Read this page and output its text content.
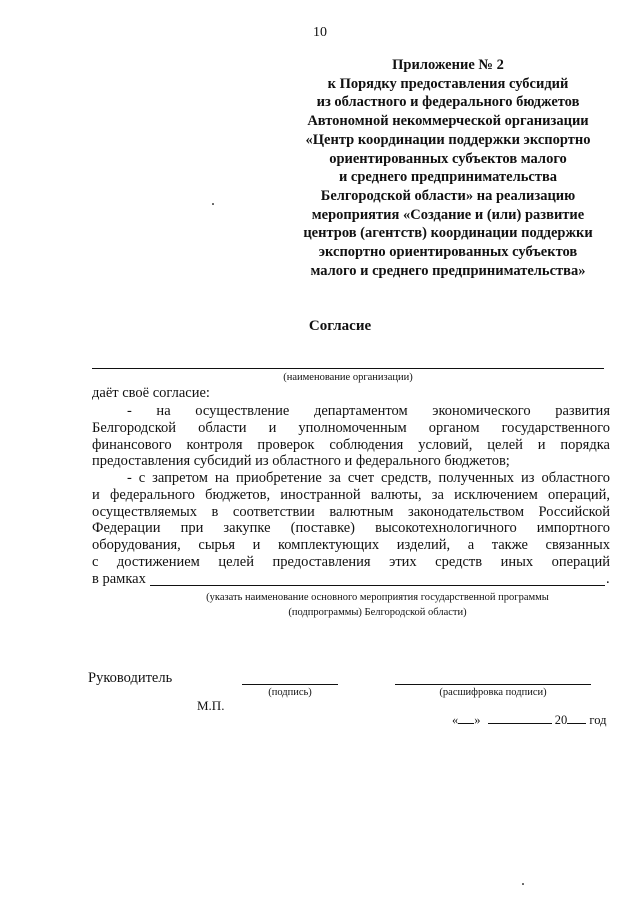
10
Приложение № 2
к Порядку предоставления субсидий
из областного и федерального бюджетов
Автономной некоммерческой организации
«Центр координации поддержки экспортно
ориентированных субъектов малого
и среднего предпринимательства
Белгородской области» на реализацию
мероприятия «Создание и (или) развитие
центров (агентств) координации поддержки
экспортно ориентированных субъектов
малого и среднего предпринимательства»
Согласие
(наименование организации)
даёт своё согласие:
- на осуществление департаментом экономического развития
Белгородской области и уполномоченным органом государственного
финансового контроля проверок соблюдения условий, целей и порядка
предоставления субсидий из областного и федерального бюджетов;
- с запретом на приобретение за счет средств, полученных из областного
и федерального бюджетов, иностранной валюты, за исключением операций,
осуществляемых в соответствии валютным законодательством Российской
Федерации при закупке (поставке) высокотехнологичного импортного
оборудования, сырья и комплектующих изделий, а также связанных
с достижением целей предоставления этих средств иных операций
в рамках	.
(указать наименование основного мероприятия государственной программы
(подпрограммы) Белгородской области)
Руководитель
(подпись)	(расшифровка подписи)
М.П.
« »	20 год
